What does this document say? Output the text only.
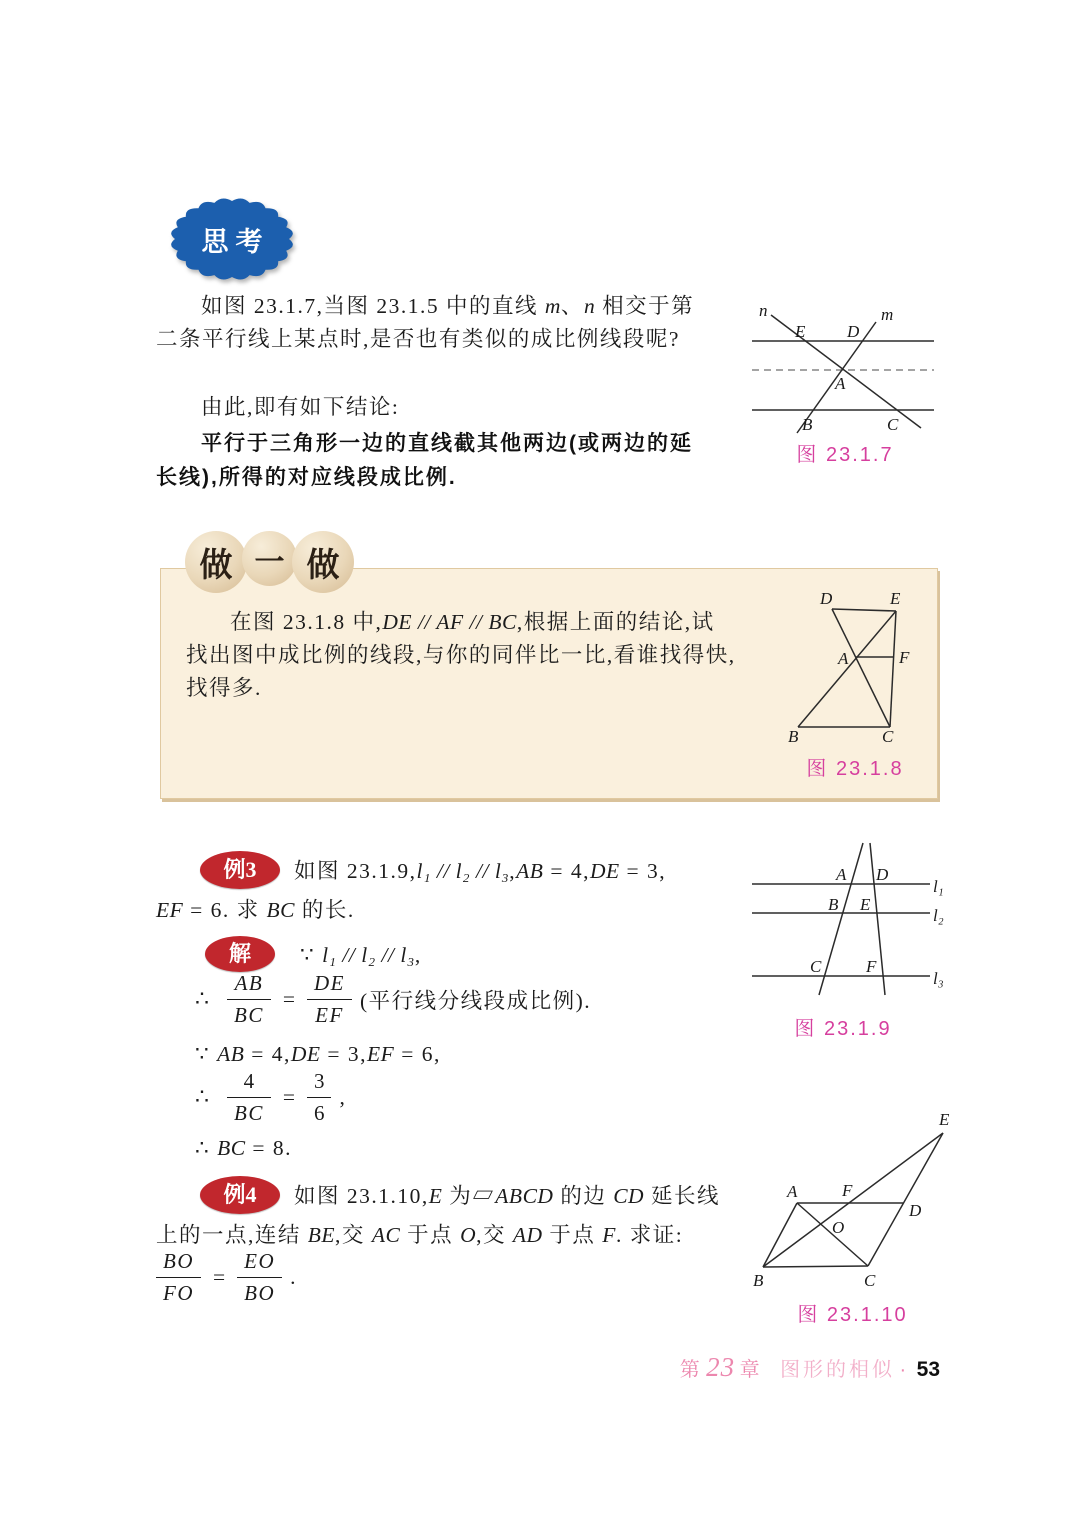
思考
如图 23.1.7,当图 23.1.5 中的直线 m、n 相交于第
二条平行线上某点时,是否也有类似的成比例线段呢?
由此,即有如下结论:
平行于三角形一边的直线截其他两边(或两边的延
长线),所得的对应线段成比例.
n	m
E D
A
B	C
图 23.1.7
做 一 做
在图 23.1.8 中,DE // AF // BC,根据上面的结论,试
找出图中成比例的线段,与你的同伴比一比,看谁找得快,
找得多.
D	E
A	F
B	C
图 23.1.8
例3	如图 23.1.9,l₁ // l₂ // l₃,AB = 4,DE = 3,
EF = 6. 求 BC 的长.
解	∵ l₁ // l₂ // l₃,
∴ $\frac{AB}{BC} = \frac{DE}{EF}$ (平行线分线段成比例).
∵ AB = 4,DE = 3,EF = 6,
∴ $\frac{4}{BC} = \frac{3}{6}$ ,
∴ BC = 8.
l₁
l₂
l₃
A D
B E
C	F
图 23.1.9
例4	如图 23.1.10,E 为▱ABCD 的边 CD 延长线
上的一点,连结 BE,交 AC 于点 O,交 AD 于点 F. 求证:
$\frac{BO}{FO} = \frac{EO}{BO}$ .
E
A	F
D
O
B	C
图 23.1.10
第 23 章 图形的相似 · 53
